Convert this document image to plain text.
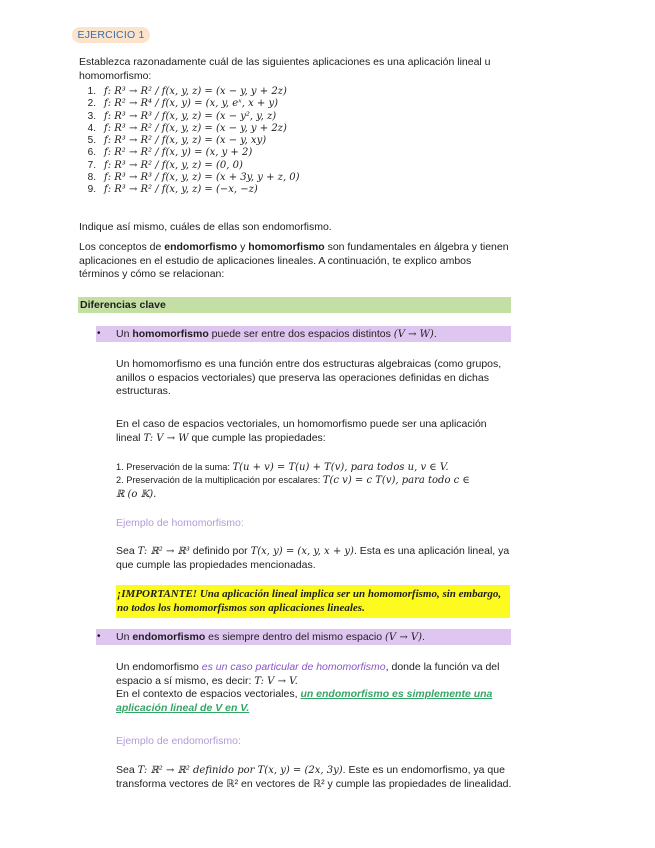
EJERCICIO 1
Establezca razonadamente cuál de las siguientes aplicaciones es una aplicación lineal u homomorfismo:
1. f: R³ → R² / f(x, y, z) = (x − y, y + 2z)
2. f: R² → R⁴ / f(x, y) = (x, y, eˣ, x + y)
3. f: R³ → R³ / f(x, y, z) = (x − y², y, z)
4. f: R³ → R² / f(x, y, z) = (x − y, y + 2z)
5. f: R³ → R² / f(x, y, z) = (x − y, xy)
6. f: R² → R² / f(x, y) = (x, y + 2)
7. f: R³ → R² / f(x, y, z) = (0, 0)
8. f: R³ → R³ / f(x, y, z) = (x + 3y, y + z, 0)
9. f: R³ → R² / f(x, y, z) = (−x, −z)
Indique así mismo, cuáles de ellas son endomorfismo.
Los conceptos de endomorfismo y homomorfismo son fundamentales en álgebra y tienen aplicaciones en el estudio de aplicaciones lineales. A continuación, te explico ambos términos y cómo se relacionan:
Diferencias clave
•	Un homomorfismo puede ser entre dos espacios distintos (V → W).
Un homomorfismo es una función entre dos estructuras algebraicas (como grupos, anillos o espacios vectoriales) que preserva las operaciones definidas en dichas estructuras.
En el caso de espacios vectoriales, un homomorfismo puede ser una aplicación lineal T: V → W que cumple las propiedades:
1. Preservación de la suma: T(u + v) = T(u) + T(v), para todos u, v ∈ V.
2. Preservación de la multiplicación por escalares: T(c v) = c T(v), para todo c ∈
ℝ (o 𝕂).
Ejemplo de homomorfismo:
Sea T: ℝ² → ℝ³ definido por T(x, y) = (x, y, x + y). Esta es una aplicación lineal, ya que cumple las propiedades mencionadas.
¡IMPORTANTE! Una aplicación lineal implica ser un homomorfismo, sin embargo, no todos los homomorfismos son aplicaciones lineales.
•	Un endomorfismo es siempre dentro del mismo espacio (V → V).
Un endomorfismo es un caso particular de homomorfismo, donde la función va del espacio a sí mismo, es decir: T: V → V.
En el contexto de espacios vectoriales, un endomorfismo es simplemente una aplicación lineal de V en V.
Ejemplo de endomorfismo:
Sea T: ℝ² → ℝ² definido por T(x, y) = (2x, 3y). Este es un endomorfismo, ya que transforma vectores de ℝ² en vectores de ℝ² y cumple las propiedades de linealidad.
